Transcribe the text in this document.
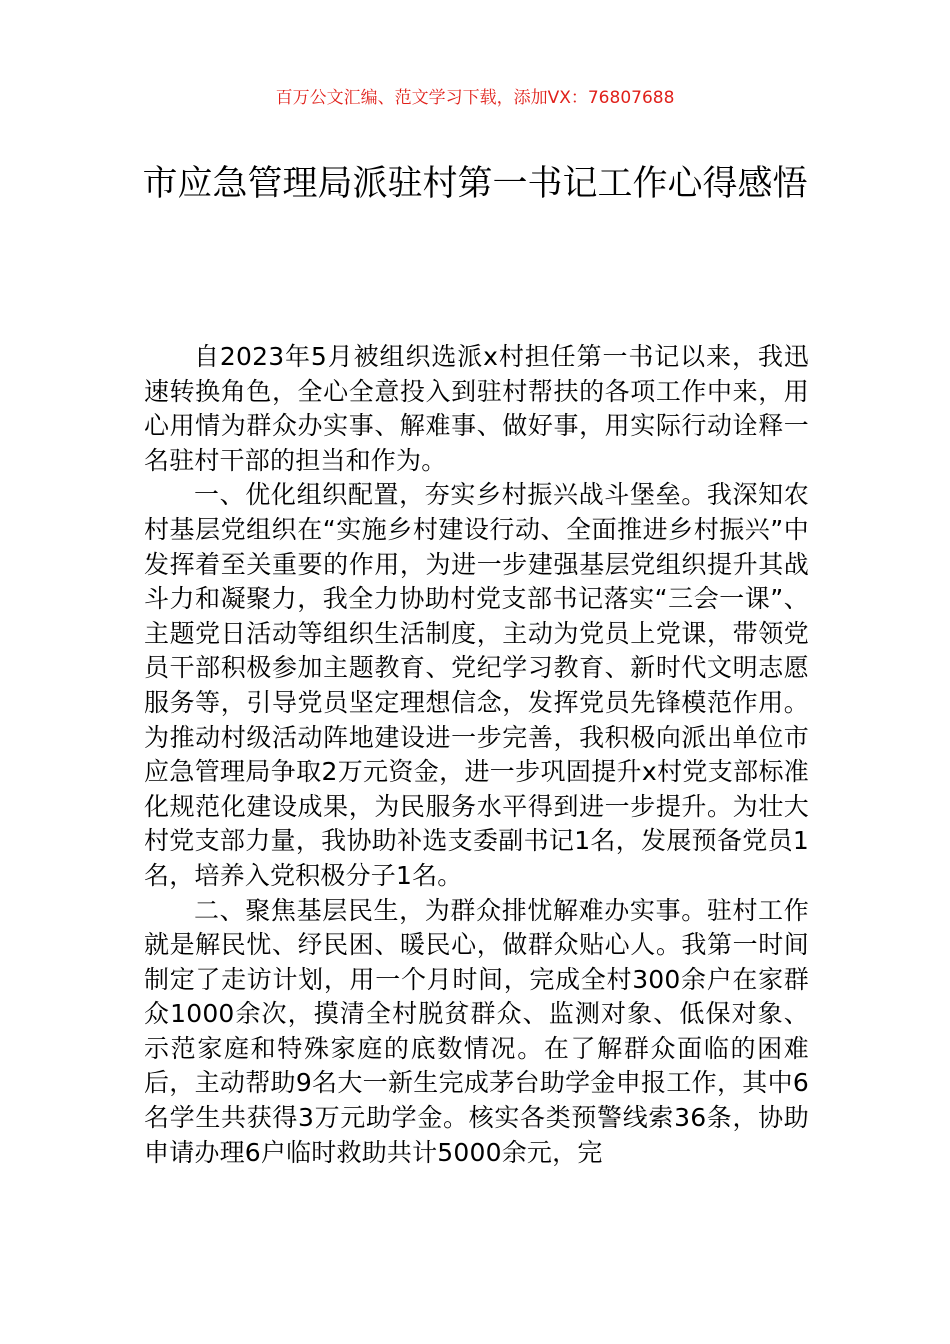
百万公文汇编、范文学习下载，添加VX：76807688
市应急管理局派驻村第一书记工作心得感悟

自2023年5月被组织选派x村担任第一书记以来，我迅速转换角色，全心全意投入到驻村帮扶的各项工作中来，用心用情为群众办实事、解难事、做好事，用实际行动诠释一名驻村干部的担当和作为。

一、优化组织配置，夯实乡村振兴战斗堡垒。我深知农村基层党组织在“实施乡村建设行动、全面推进乡村振兴”中发挥着至关重要的作用，为进一步建强基层党组织提升其战斗力和凝聚力，我全力协助村党支部书记落实“三会一课”、主题党日活动等组织生活制度，主动为党员上党课，带领党员干部积极参加主题教育、党纪学习教育、新时代文明志愿服务等，引导党员坚定理想信念，发挥党员先锋模范作用。为推动村级活动阵地建设进一步完善，我积极向派出单位市应急管理局争取2万元资金，进一步巩固提升x村党支部标准化规范化建设成果，为民服务水平得到进一步提升。为壮大村党支部力量，我协助补选支委副书记1名，发展预备党员1名，培养入党积极分子1名。

二、聚焦基层民生，为群众排忧解难办实事。驻村工作就是解民忧、纾民困、暖民心，做群众贴心人。我第一时间制定了走访计划，用一个月时间，完成全村300余户在家群众1000余次，摸清全村脱贫群众、监测对象、低保对象、示范家庭和特殊家庭的底数情况。在了解群众面临的困难后，主动帮助9名大一新生完成茅台助学金申报工作，其中6名学生共获得3万元助学金。核实各类预警线索36条，协助申请办理6户临时救助共计5000余元，完
